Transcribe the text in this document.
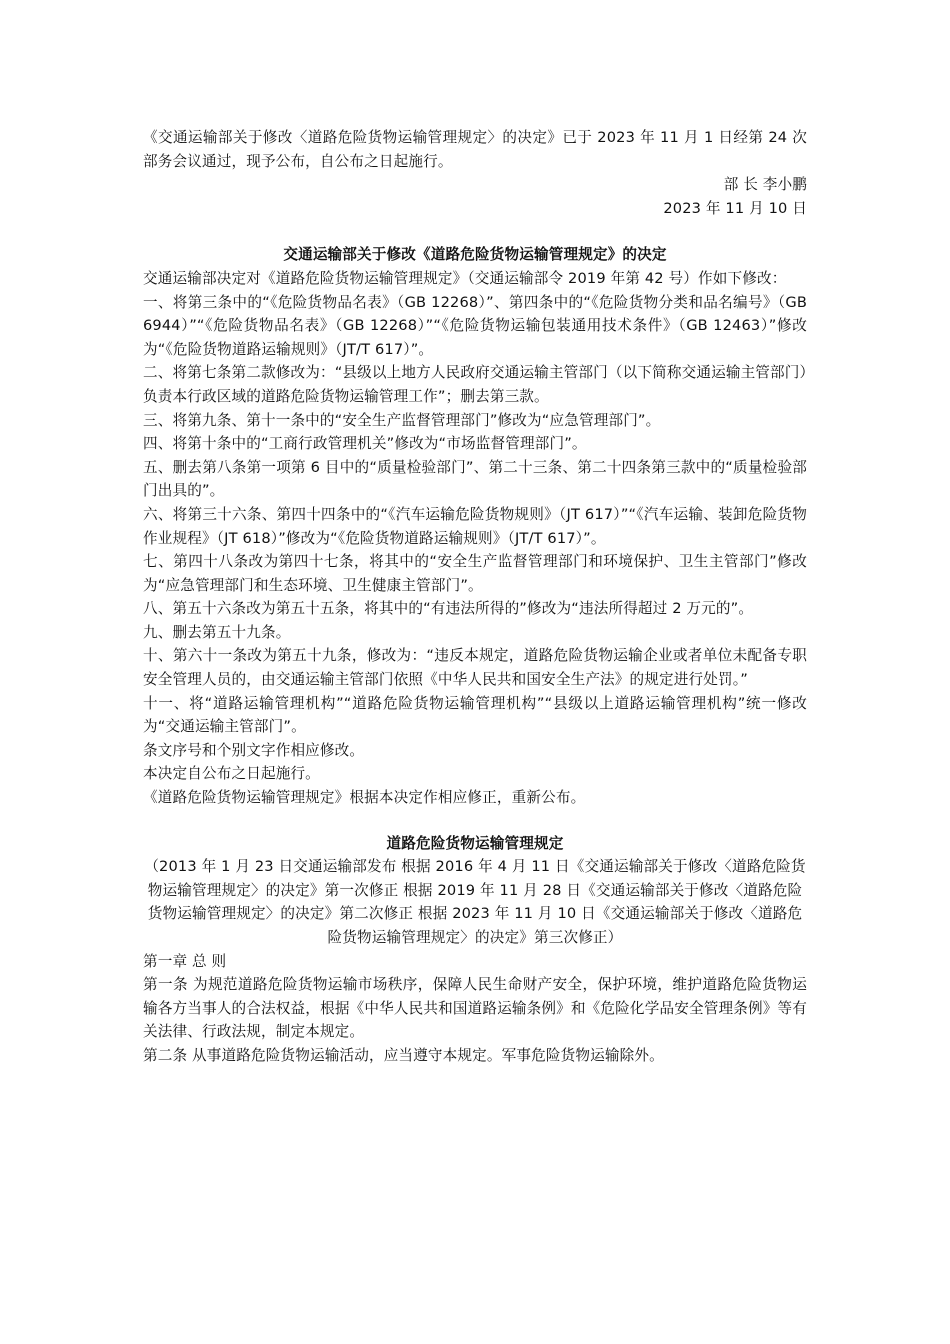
《交通运输部关于修改〈道路危险货物运输管理规定〉的决定》已于 2023 年 11 月 1 日经第 24 次部务会议通过，现予公布，自公布之日起施行。

部 长 李小鹏

2023 年 11 月 10 日

交通运输部关于修改《道路危险货物运输管理规定》的决定

交通运输部决定对《道路危险货物运输管理规定》（交通运输部令 2019 年第 42 号）作如下修改：

一、将第三条中的“《危险货物品名表》（GB 12268）”、第四条中的“《危险货物分类和品名编号》（GB 6944）”“《危险货物品名表》（GB 12268）”“《危险货物运输包装通用技术条件》（GB 12463）”修改为“《危险货物道路运输规则》（JT/T 617）”。

二、将第七条第二款修改为：“县级以上地方人民政府交通运输主管部门（以下简称交通运输主管部门）负责本行政区域的道路危险货物运输管理工作”；删去第三款。

三、将第九条、第十一条中的“安全生产监督管理部门”修改为“应急管理部门”。

四、将第十条中的“工商行政管理机关”修改为“市场监督管理部门”。

五、删去第八条第一项第 6 目中的“质量检验部门”、第二十三条、第二十四条第三款中的“质量检验部门出具的”。

六、将第三十六条、第四十四条中的“《汽车运输危险货物规则》（JT 617）”“《汽车运输、装卸危险货物作业规程》（JT 618）”修改为“《危险货物道路运输规则》（JT/T 617）”。

七、第四十八条改为第四十七条，将其中的“安全生产监督管理部门和环境保护、卫生主管部门”修改为“应急管理部门和生态环境、卫生健康主管部门”。

八、第五十六条改为第五十五条，将其中的“有违法所得的”修改为“违法所得超过 2 万元的”。

九、删去第五十九条。

十、第六十一条改为第五十九条，修改为：“违反本规定，道路危险货物运输企业或者单位未配备专职安全管理人员的，由交通运输主管部门依照《中华人民共和国安全生产法》的规定进行处罚。”

十一、将“道路运输管理机构”“道路危险货物运输管理机构”“县级以上道路运输管理机构”统一修改为“交通运输主管部门”。

条文序号和个别文字作相应修改。

本决定自公布之日起施行。

《道路危险货物运输管理规定》根据本决定作相应修正，重新公布。

道路危险货物运输管理规定

（2013 年 1 月 23 日交通运输部发布 根据 2016 年 4 月 11 日《交通运输部关于修改〈道路危险货物运输管理规定〉的决定》第一次修正 根据 2019 年 11 月 28 日《交通运输部关于修改〈道路危险货物运输管理规定〉的决定》第二次修正 根据 2023 年 11 月 10 日《交通运输部关于修改〈道路危险货物运输管理规定〉的决定》第三次修正）

第一章 总 则

第一条 为规范道路危险货物运输市场秩序，保障人民生命财产安全，保护环境，维护道路危险货物运输各方当事人的合法权益，根据《中华人民共和国道路运输条例》和《危险化学品安全管理条例》等有关法律、行政法规，制定本规定。

第二条 从事道路危险货物运输活动，应当遵守本规定。军事危险货物运输除外。
